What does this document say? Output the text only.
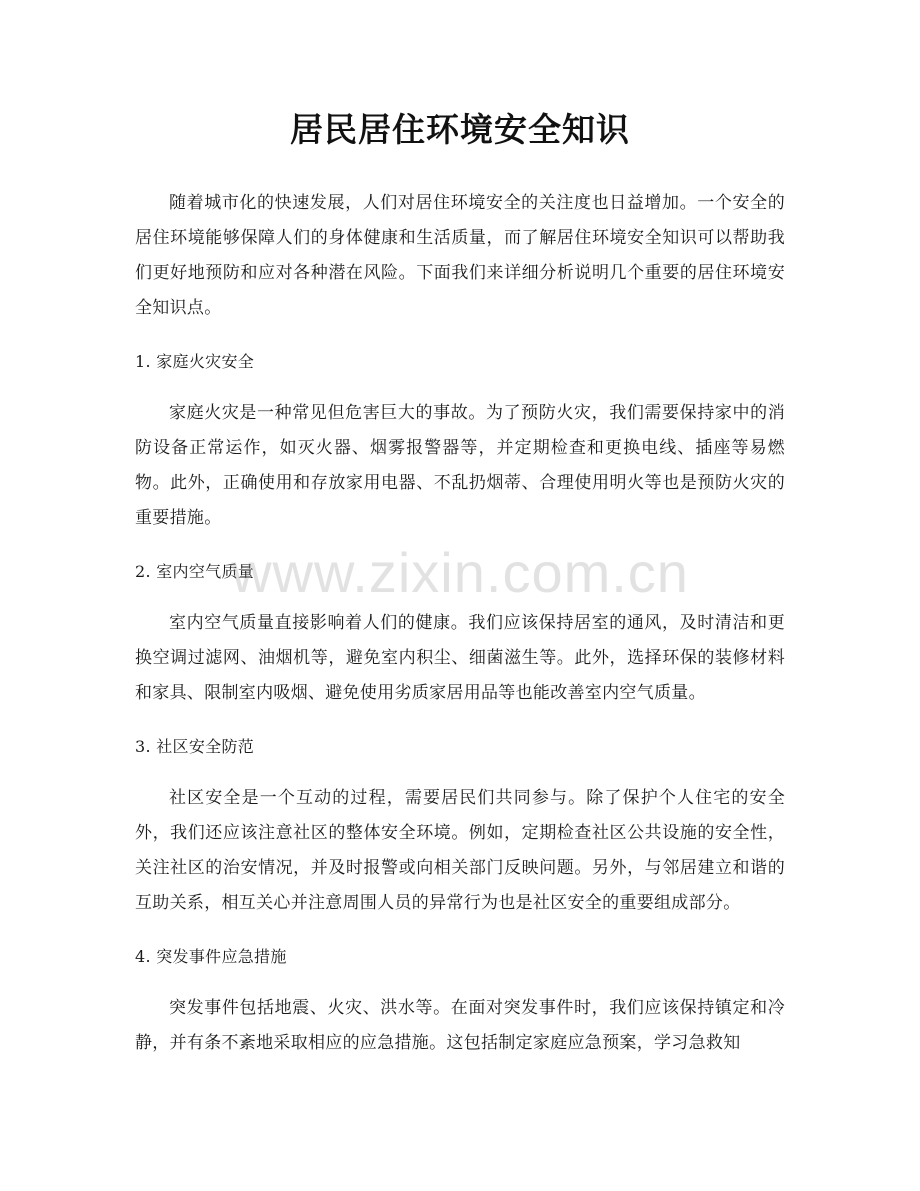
居民居住环境安全知识

随着城市化的快速发展，人们对居住环境安全的关注度也日益增加。一个安全的居住环境能够保障人们的身体健康和生活质量，而了解居住环境安全知识可以帮助我们更好地预防和应对各种潜在风险。下面我们来详细分析说明几个重要的居住环境安全知识点。

1. 家庭火灾安全

家庭火灾是一种常见但危害巨大的事故。为了预防火灾，我们需要保持家中的消防设备正常运作，如灭火器、烟雾报警器等，并定期检查和更换电线、插座等易燃物。此外，正确使用和存放家用电器、不乱扔烟蒂、合理使用明火等也是预防火灾的重要措施。

2. 室内空气质量

室内空气质量直接影响着人们的健康。我们应该保持居室的通风，及时清洁和更换空调过滤网、油烟机等，避免室内积尘、细菌滋生等。此外，选择环保的装修材料和家具、限制室内吸烟、避免使用劣质家居用品等也能改善室内空气质量。

3. 社区安全防范

社区安全是一个互动的过程，需要居民们共同参与。除了保护个人住宅的安全外，我们还应该注意社区的整体安全环境。例如，定期检查社区公共设施的安全性，关注社区的治安情况，并及时报警或向相关部门反映问题。另外，与邻居建立和谐的互助关系，相互关心并注意周围人员的异常行为也是社区安全的重要组成部分。

4. 突发事件应急措施

突发事件包括地震、火灾、洪水等。在面对突发事件时，我们应该保持镇定和冷静，并有条不紊地采取相应的应急措施。这包括制定家庭应急预案，学习急救知

www.zixin.com.cn
